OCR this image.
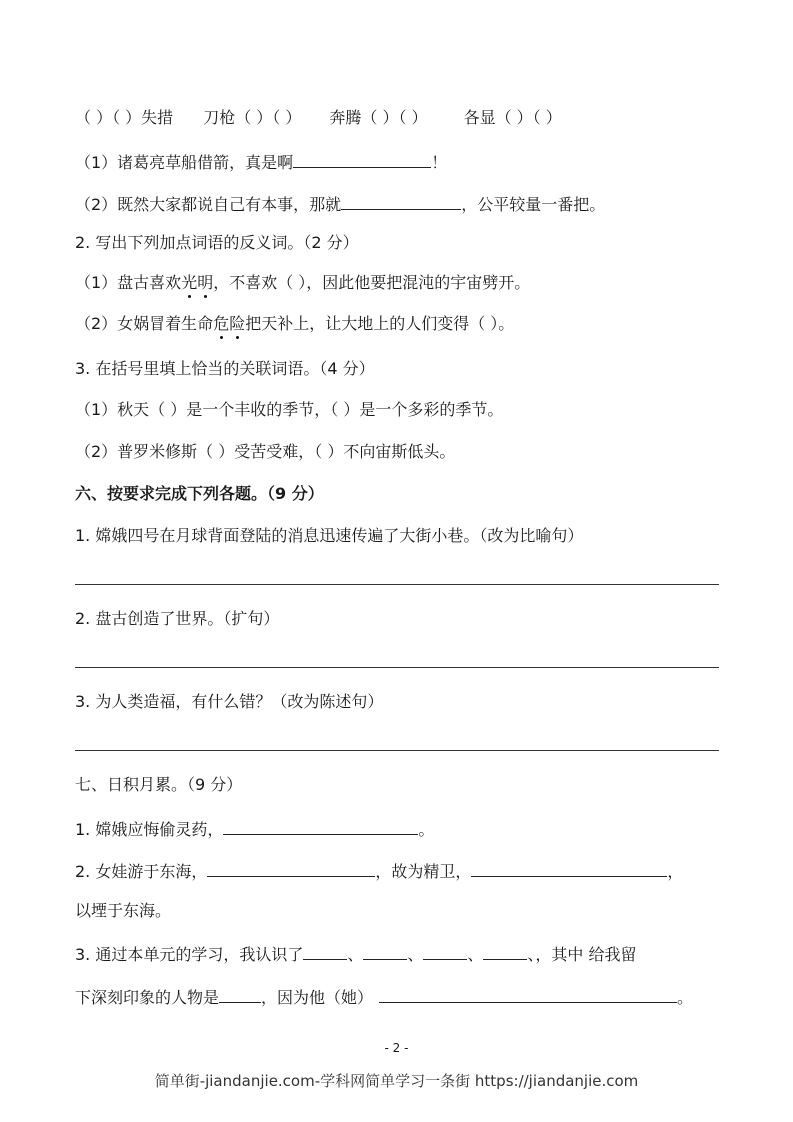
（ ）（ ）失措 刀枪（ ）（ ） 奔腾（ ）（ ） 各显（ ）（ ）
（1）诸葛亮草船借箭，真是啊	！
（2）既然大家都说自己有本事，那就	，公平较量一番把。
2. 写出下列加点词语的反义词。（2 分）
（1）盘古喜欢光明，不喜欢（ ），因此他要把混沌的宇宙劈开。
（2）女娲冒着生命危险把天补上，让大地上的人们变得（ ）。
3. 在括号里填上恰当的关联词语。（4 分）
（1）秋天（ ）是一个丰收的季节，（ ）是一个多彩的季节。
（2）普罗米修斯（ ）受苦受难，（ ）不向宙斯低头。
六、按要求完成下列各题。（9 分）
1. 嫦娥四号在月球背面登陆的消息迅速传遍了大街小巷。（改为比喻句）
2. 盘古创造了世界。（扩句）
3. 为人类造福，有什么错？（改为陈述句）
七、日积月累。（9 分）
1. 嫦娥应悔偷灵药，	。
2. 女娃游于东海，	，故为精卫，	，
以堙于东海。
3. 通过本单元的学习，我认识了	、	、	、	、，其中 给我留
下深刻印象的人物是	，因为他（她）	。
- 2 -
简单街-jiandanjie.com-学科网简单学习一条街 https://jiandanjie.com
